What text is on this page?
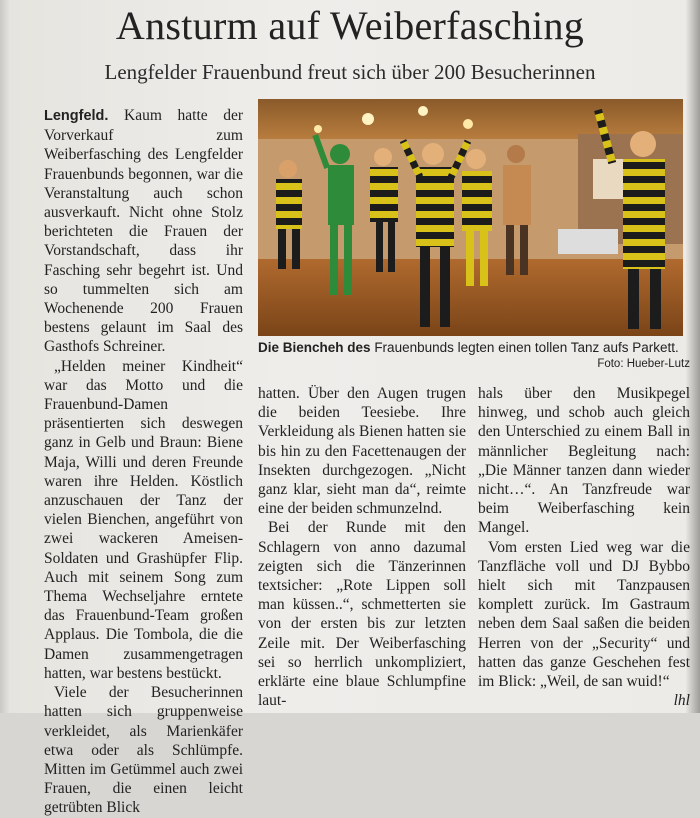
Ansturm auf Weiberfasching
Lengfelder Frauenbund freut sich über 200 Besucherinnen

Lengfeld. Kaum hatte der Vorverkauf zum Weiberfasching des Lengfelder Frauenbunds begonnen, war die Veranstaltung auch schon ausverkauft. Nicht ohne Stolz berichteten die Frauen der Vorstandschaft, dass ihr Fasching sehr begehrt ist. Und so tummelten sich am Wochenende 200 Frauen bestens gelaunt im Saal des Gasthofs Schreiner.

„Helden meiner Kindheit“ war das Motto und die Frauenbund-Damen präsentierten sich deswegen ganz in Gelb und Braun: Biene Maja, Willi und deren Freunde waren ihre Helden. Köstlich anzuschauen der Tanz der vielen Bienchen, angeführt von zwei wackeren Ameisen-Soldaten und Grashüpfer Flip. Auch mit seinem Song zum Thema Wechseljahre erntete das Frauenbund-Team großen Applaus. Die Tombola, die die Damen zusammengetragen hatten, war bestens bestückt.

Viele der Besucherinnen hatten sich gruppenweise verkleidet, als Marienkäfer etwa oder als Schlümpfe. Mitten im Getümmel auch zwei Frauen, die einen leicht getrübten Blick

Die Biencheh des Frauenbunds legten einen tollen Tanz aufs Parkett.
Foto: Hueber-Lutz

hatten. Über den Augen trugen die beiden Teesiebe. Ihre Verkleidung als Bienen hatten sie bis hin zu den Facettenaugen der Insekten durchgezogen. „Nicht ganz klar, sieht man da“, reimte eine der beiden schmunzelnd.

Bei der Runde mit den Schlagern von anno dazumal zeigten sich die Tänzerinnen textsicher: „Rote Lippen soll man küssen..“, schmetterten sie von der ersten bis zur letzten Zeile mit. Der Weiberfasching sei so herrlich unkompliziert, erklärte eine blaue Schlumpfine laut-

hals über den Musikpegel hinweg, und schob auch gleich den Unterschied zu einem Ball in männlicher Begleitung nach: „Die Männer tanzen dann wieder nicht…“. An Tanzfreude war beim Weiberfasching kein Mangel.

Vom ersten Lied weg war die Tanzfläche voll und DJ Bybbo hielt sich mit Tanzpausen komplett zurück. Im Gastraum neben dem Saal saßen die beiden Herren von der „Security“ und hatten das ganze Geschehen fest im Blick: „Weil, de san wuid!“
lhl
